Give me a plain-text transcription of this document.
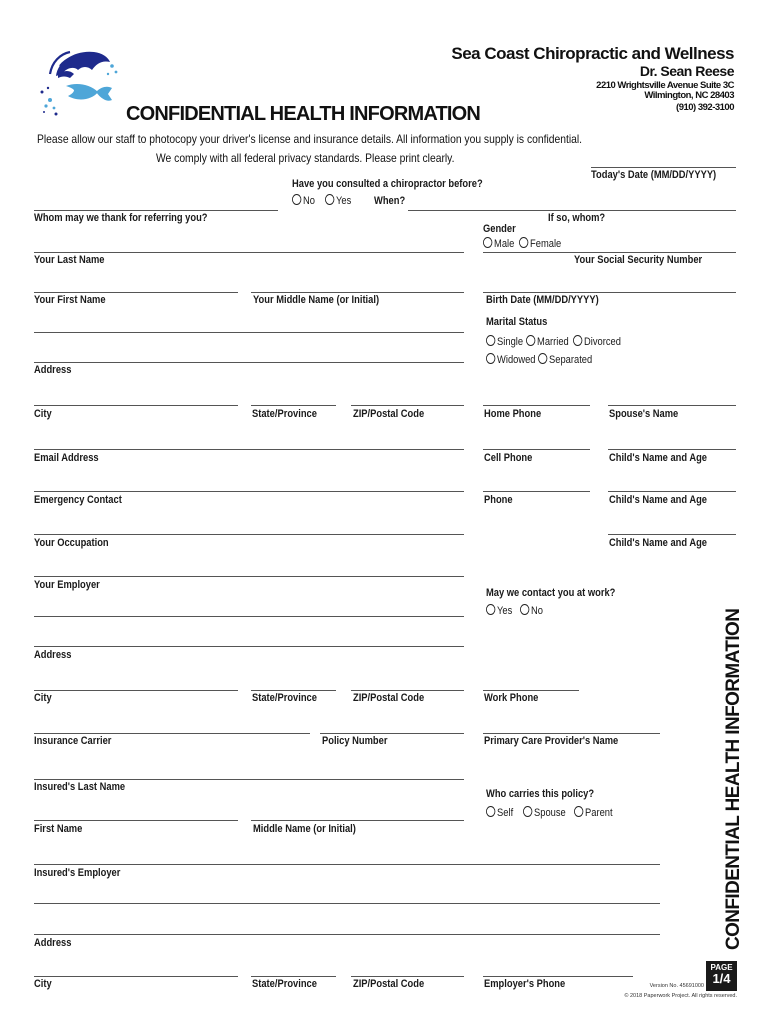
Sea Coast Chiropractic and Wellness
Dr. Sean Reese
2210 Wrightsville Avenue Suite 3C
Wilmington, NC 28403
(910) 392-3100
CONFIDENTIAL HEALTH INFORMATION
Please allow our staff to photocopy your driver's license and insurance details. All information you supply is confidential.
We comply with all federal privacy standards. Please print clearly.
CONFIDENTIAL HEALTH INFORMATION
Today's Date (MM/DD/YYYY)
Have you consulted a chiropractor before?
No	Yes When?
Whom may we thank for referring you?	If so, whom?
Gender
Male	Female
Your Last Name	Your Social Security Number
Your First Name	Your Middle Name (or Initial)	Birth Date (MM/DD/YYYY)
Marital Status
Single	Married	Divorced
Widowed	Separated
Address
City	State/Province	ZIP/Postal Code	Home Phone	Spouse's Name
Email Address	Cell Phone	Child's Name and Age
Emergency Contact	Phone	Child's Name and Age
Your Occupation	Child's Name and Age
Your Employer
May we contact you at work?
Yes	No
Address
City	State/Province	ZIP/Postal Code	Work Phone
Insurance Carrier	Policy Number	Primary Care Provider's Name
Insured's Last Name
Who carries this policy?
Self	Spouse	Parent
First Name	Middle Name (or Initial)
Insured's Employer
Address
City	State/Province	ZIP/Postal Code	Employer's Phone
PAGE
1/4
Version No. 45691000
© 2018 Paperwork Project. All rights reserved.
